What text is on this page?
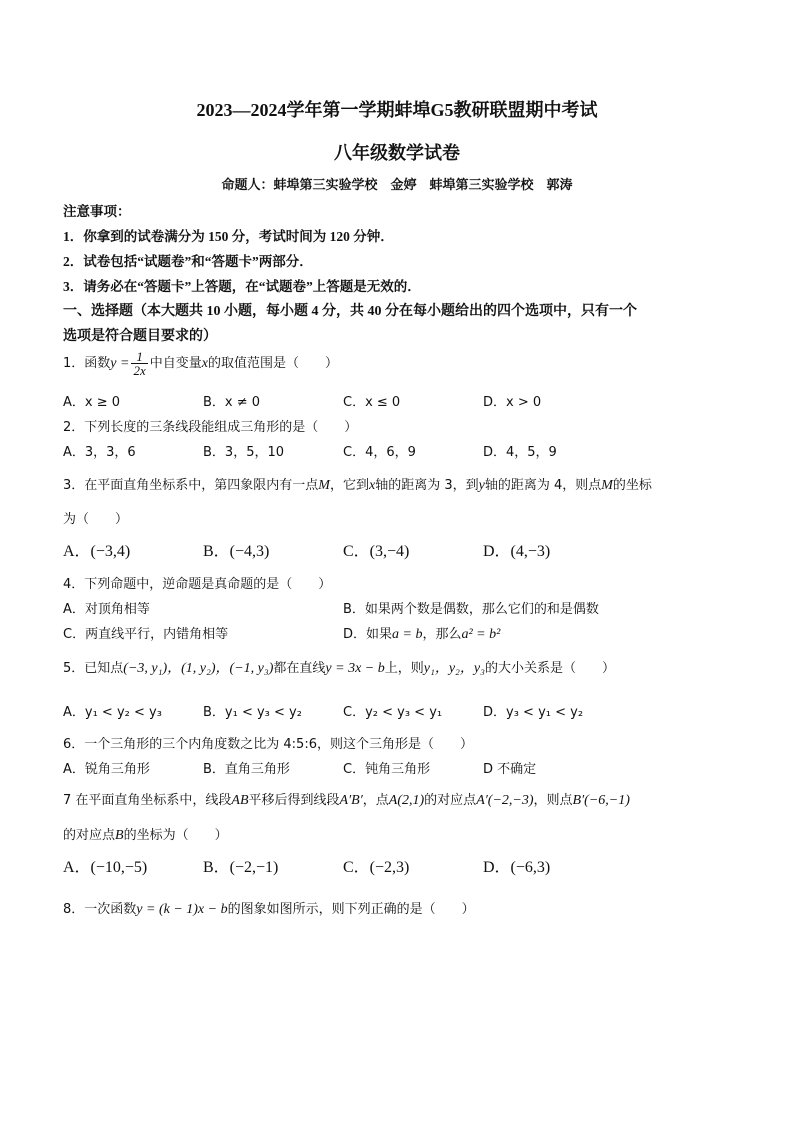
2023—2024学年第一学期蚌埠G5教研联盟期中考试
八年级数学试卷
命题人：蚌埠第三实验学校　金婷　蚌埠第三实验学校　郭涛
注意事项：
1．你拿到的试卷满分为 150 分，考试时间为 120 分钟．
2．试卷包括“试题卷”和“答题卡”两部分．
3．请务必在“答题卡”上答题，在“试题卷”上答题是无效的．
一、选择题（本大题共 10 小题，每小题 4 分，共 40 分在每小题给出的四个选项中，只有一个
选项是符合题目要求的）
1．函数$y = \frac{1}{2x}$ 中自变量x的取值范围是（　　）
A．x ≥ 0	B．x ≠ 0	C．x ≤ 0	D．x > 0
2．下列长度的三条线段能组成三角形的是（　　）
A．3，3，6	B．3，5，10	C．4，6，9	D．4，5，9
3．在平面直角坐标系中，第四象限内有一点M，它到x轴的距离为 3，到y轴的距离为 4，则点M的坐标
为（　　）
A．(−3,4)	B．(−4,3)	C．(3,−4)	D．(4,−3)
4．下列命题中，逆命题是真命题的是（　　）
A．对顶角相等	B．如果两个数是偶数，那么它们的和是偶数
C．两直线平行，内错角相等	D．如果a = b，那么a² = b²
5．已知点(−3, y₁)，(1, y₂)，(−1, y₃)都在直线y = 3x − b上，则y₁，y₂，y₃的大小关系是（　　）
A．y₁ < y₂ < y₃	B．y₁ < y₃ < y₂	C．y₂ < y₃ < y₁	D．y₃ < y₁ < y₂
6．一个三角形的三个内角度数之比为 4:5:6，则这个三角形是（　　）
A．锐角三角形	B．直角三角形	C．钝角三角形	D 不确定
7 在平面直角坐标系中，线段AB平移后得到线段A′B′，点A(2,1)的对应点A′(−2,−3)，则点B′(−6,−1)
的对应点B的坐标为（　　）
A．(−10,−5)	B．(−2,−1)	C．(−2,3)	D．(−6,3)
8．一次函数y = (k − 1)x − b的图象如图所示，则下列正确的是（　　）
